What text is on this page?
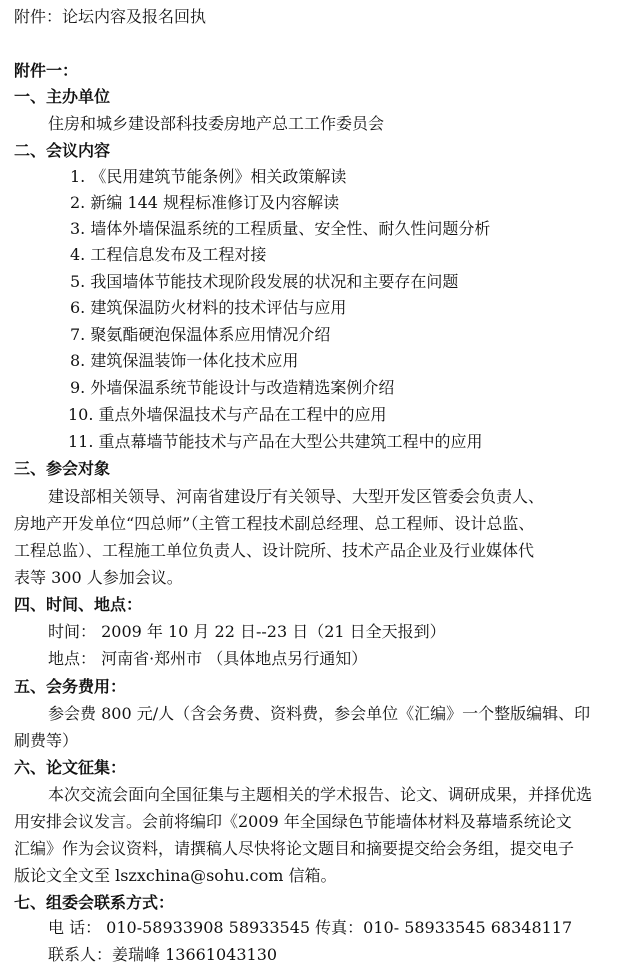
附件：论坛内容及报名回执
附件一：
一、主办单位
住房和城乡建设部科技委房地产总工工作委员会
二、会议内容
1. 《民用建筑节能条例》相关政策解读
2. 新编 144 规程标准修订及内容解读
3. 墙体外墙保温系统的工程质量、安全性、耐久性问题分析
4. 工程信息发布及工程对接
5. 我国墙体节能技术现阶段发展的状况和主要存在问题
6. 建筑保温防火材料的技术评估与应用
7. 聚氨酯硬泡保温体系应用情况介绍
8. 建筑保温装饰一体化技术应用
9. 外墙保温系统节能设计与改造精选案例介绍
10. 重点外墙保温技术与产品在工程中的应用
11. 重点幕墙节能技术与产品在大型公共建筑工程中的应用
三、参会对象
建设部相关领导、河南省建设厅有关领导、大型开发区管委会负责人、
房地产开发单位“四总师”（主管工程技术副总经理、总工程师、设计总监、
工程总监）、工程施工单位负责人、设计院所、技术产品企业及行业媒体代
表等 300 人参加会议。
四、时间、地点：
时间： 2009 年 10 月 22 日--23 日（21 日全天报到）
地点： 河南省·郑州市 （具体地点另行通知）
五、会务费用：
参会费 800 元/人（含会务费、资料费，参会单位《汇编》一个整版编辑、印
刷费等）
六、论文征集：
本次交流会面向全国征集与主题相关的学术报告、论文、调研成果，并择优选
用安排会议发言。会前将编印《2009 年全国绿色节能墙体材料及幕墙系统论文
汇编》作为会议资料，请撰稿人尽快将论文题目和摘要提交给会务组，提交电子
版论文全文至 lszxchina@sohu.com 信箱。
七、组委会联系方式：
电 话： 010-58933908 58933545 传真：010- 58933545 68348117
联系人：姜瑞峰 13661043130
